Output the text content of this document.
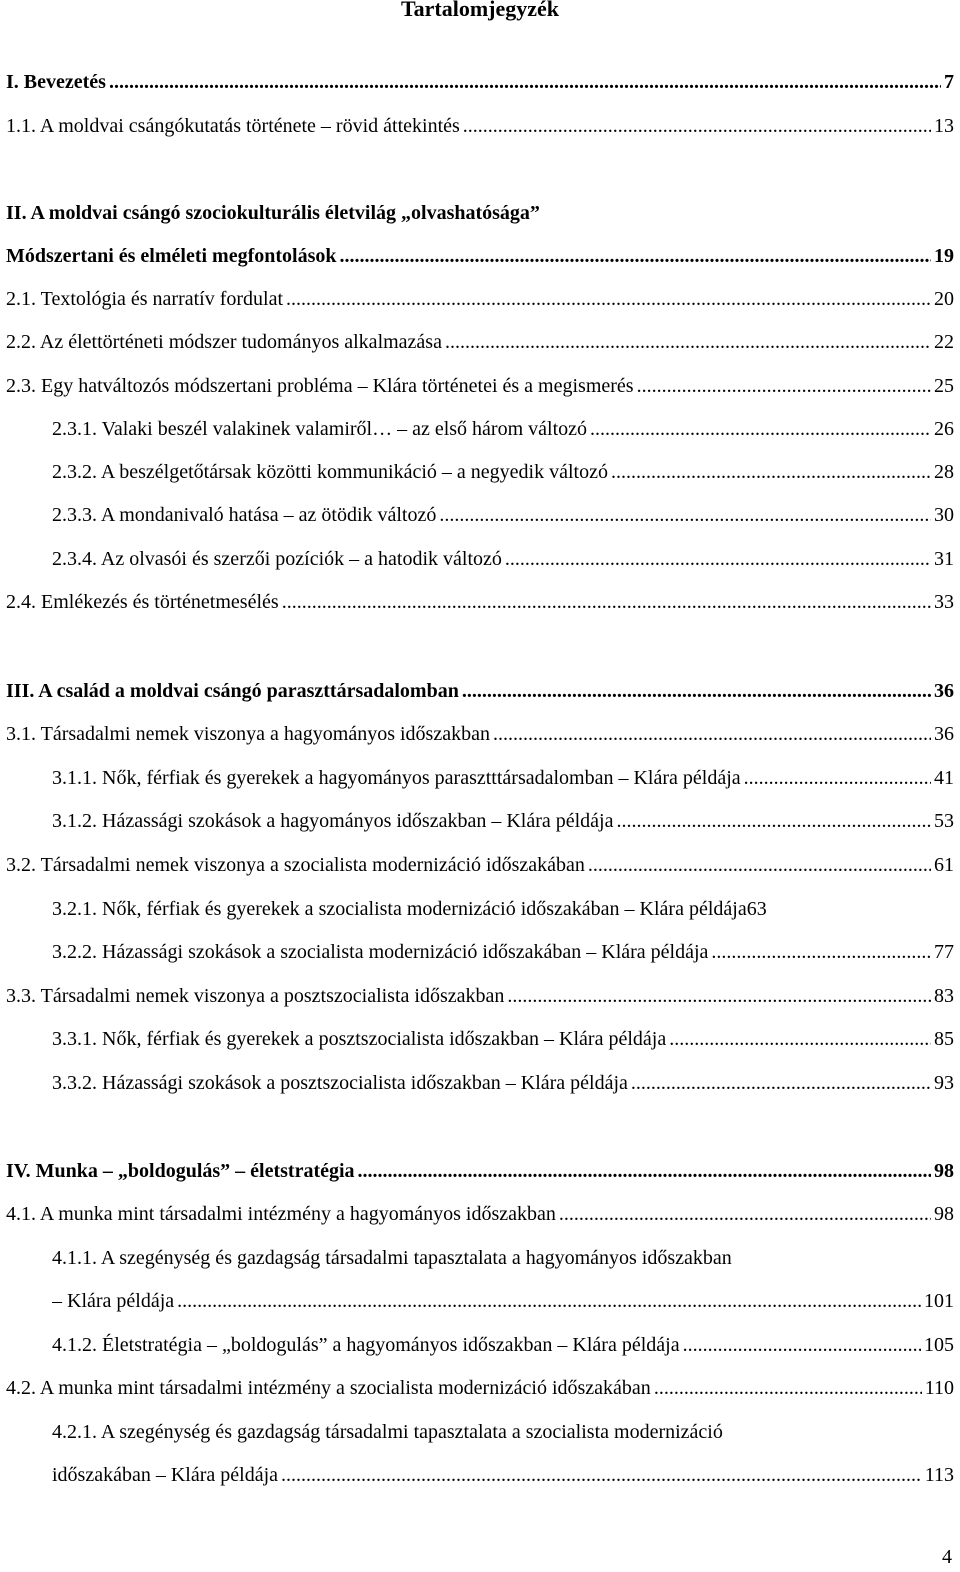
Tartalomjegyzék
I. Bevezetés .....	7
1.1. A moldvai csángókutatás története – rövid áttekintés .....	13
II. A moldvai csángó szociokulturális életvilág „olvashatósága”
Módszertani és elméleti megfontolások .....	19
2.1. Textológia és narratív fordulat .....	20
2.2. Az élettörténeti módszer tudományos alkalmazása .....	22
2.3. Egy hatváltozós módszertani probléma – Klára történetei és a megismerés .....	25
2.3.1. Valaki beszél valakinek valamiről… – az első három változó .....	26
2.3.2. A beszélgetőtársak közötti kommunikáció – a negyedik változó .....	28
2.3.3. A mondanivaló hatása – az ötödik változó .....	30
2.3.4. Az olvasói és szerzői pozíciók – a hatodik változó .....	31
2.4. Emlékezés és történetmesélés .....	33
III. A család a moldvai csángó paraszttársadalomban .....	36
3.1. Társadalmi nemek viszonya a hagyományos időszakban .....	36
3.1.1. Nők, férfiak és gyerekek a hagyományos parasztttársadalomban – Klára példája .....	41
3.1.2. Házassági szokások a hagyományos időszakban – Klára példája .....	53
3.2. Társadalmi nemek viszonya a szocialista modernizáció időszakában .....	61
3.2.1. Nők, férfiak és gyerekek a szocialista modernizáció időszakában – Klára példája 63
3.2.2. Házassági szokások a szocialista modernizáció időszakában – Klára példája .....	77
3.3. Társadalmi nemek viszonya a posztszocialista időszakban .....	83
3.3.1. Nők, férfiak és gyerekek a posztszocialista időszakban – Klára példája .....	85
3.3.2. Házassági szokások a posztszocialista időszakban – Klára példája .....	93
IV. Munka – „boldogulás” – életstratégia .....	98
4.1. A munka mint társadalmi intézmény a hagyományos időszakban .....	98
4.1.1. A szegénység és gazdagság társadalmi tapasztalata a hagyományos időszakban
– Klára példája .....	101
4.1.2. Életstratégia – „boldogulás” a hagyományos időszakban – Klára példája .....	105
4.2. A munka mint társadalmi intézmény a szocialista modernizáció időszakában .....	110
4.2.1. A szegénység és gazdagság társadalmi tapasztalata a szocialista modernizáció
időszakában – Klára példája .....	113
4
